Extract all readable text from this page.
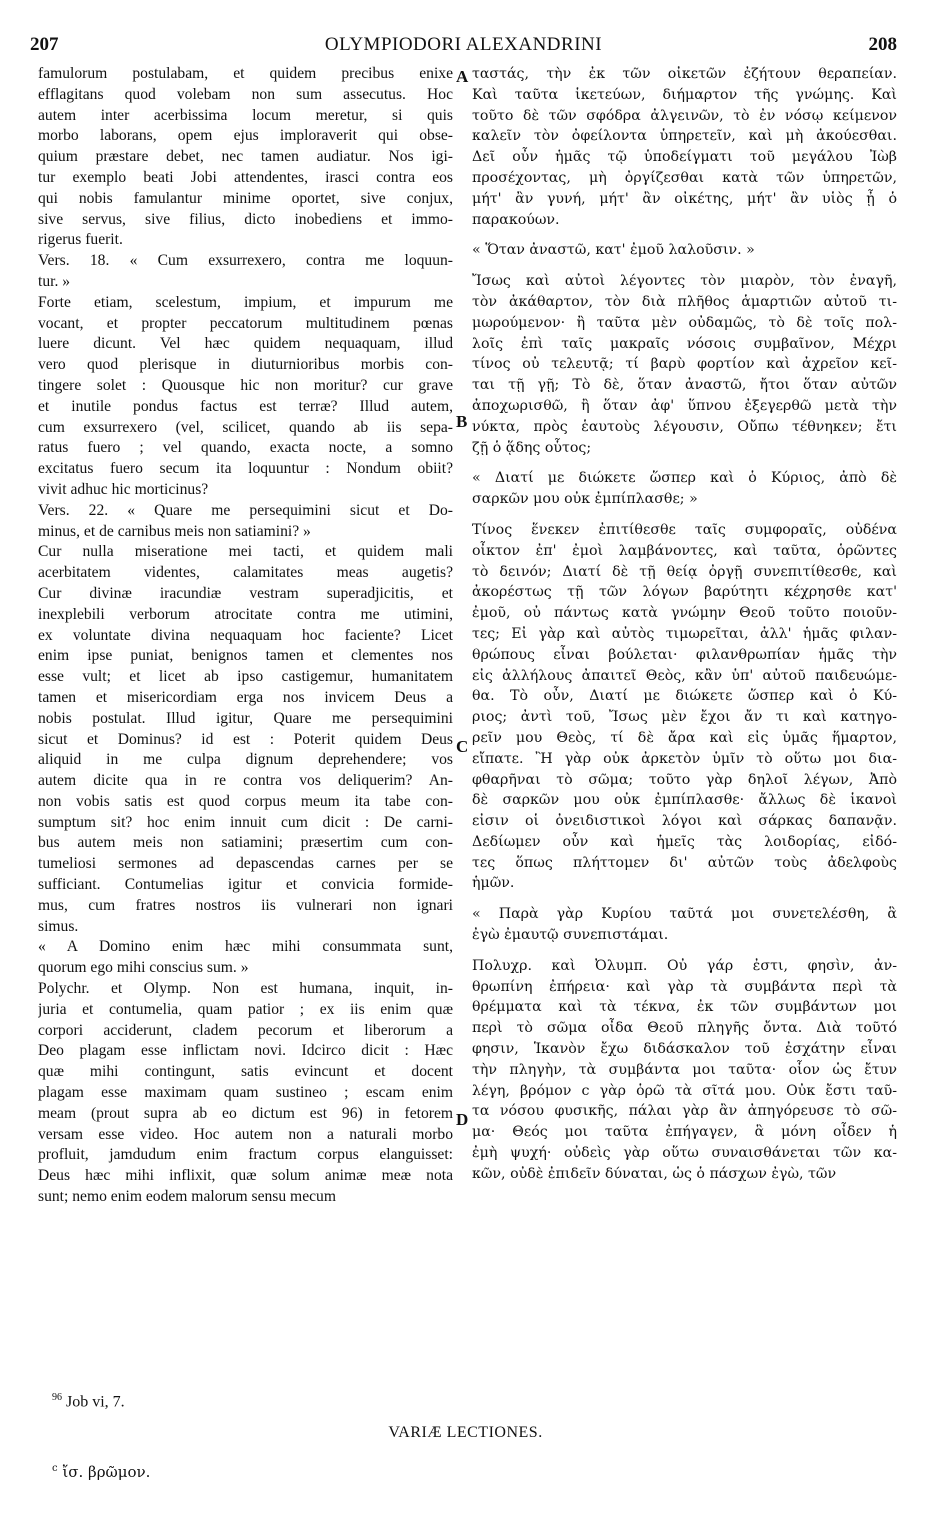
207	OLYMPIODORI ALEXANDRINI	208
famulorum postulabam, et quidem precibus enixe
efflagitans quod volebam non sum assecutus. Hoc
autem inter acerbissima locum meretur, si quis
morbo laborans, opem ejus imploraverit qui obse-
quium præstare debet, nec tamen audiatur. Nos igi-
tur exemplo beati Jobi attendentes, irasci contra eos
qui nobis famulantur minime oportet, sive conjux,
sive servus, sive filius, dicto inobediens et immo-
rigerus fuerit.
Vers. 18. « Cum exsurrexero, contra me loquun-
tur. »
Forte etiam, scelestum, impium, et impurum me
vocant, et propter peccatorum multitudinem pœnas
luere dicunt. Vel hæc quidem nequaquam, illud
vero quod plerisque in diuturnioribus morbis con-
tingere solet : Quousque hic non moritur? cur grave
et inutile pondus factus est terræ? Illud autem,
cum exsurrexero (vel, scilicet, quando ab iis sepa-
ratus fuero ; vel quando, exacta nocte, a somno
excitatus fuero secum ita loquuntur : Nondum obiit?
vivit adhuc hic morticinus?
Vers. 22. « Quare me persequimini sicut et Do-
minus, et de carnibus meis non satiamini? »
Cur nulla miseratione mei tacti, et quidem mali
acerbitatem videntes, calamitates meas augetis?
Cur divinæ iracundiæ vestram superadjicitis, et
inexplebili verborum atrocitate contra me utimini,
ex voluntate divina nequaquam hoc faciente? Licet
enim ipse puniat, benignos tamen et clementes nos
esse vult; et licet ab ipso castigemur, humanitatem
tamen et misericordiam erga nos invicem Deus a
nobis postulat. Illud igitur, Quare me persequimini
sicut et Dominus? id est : Poterit quidem Deus
aliquid in me culpa dignum deprehendere; vos
autem dicite qua in re contra vos deliquerim? An-
non vobis satis est quod corpus meum ita tabe con-
sumptum sit? hoc enim innuit cum dicit : De carni-
bus autem meis non satiamini; præsertim cum con-
tumeliosi sermones ad depascendas carnes per se
sufficiant. Contumelias igitur et convicia formide-
mus, cum fratres nostros iis vulnerari non ignari
simus.
« A Domino enim hæc mihi consummata sunt,
quorum ego mihi conscius sum. »
Polychr. et Olymp. Non est humana, inquit, in-
juria et contumelia, quam patior ; ex iis enim quæ
corpori acciderunt, cladem pecorum et liberorum a
Deo plagam esse inflictam novi. Idcirco dicit : Hæc
quæ mihi contingunt, satis evincunt et docent
plagam esse maximam quam sustineo ; escam enim
meam (prout supra ab eo dictum est 96) in fetorem
versam esse video. Hoc autem non a naturali morbo
profluit, jamdudum enim fractum corpus elanguisset:
Deus hæc mihi inflixit, quæ solum animæ meæ nota
sunt; nemo enim eodem malorum sensu mecum
ταστάς, τὴν ἐκ τῶν οἰκετῶν ἐζήτουν θεραπείαν.
Καὶ ταῦτα ἱκετεύων, διήμαρτον τῆς γνώμης. Καὶ
τοῦτο δὲ τῶν σφόδρα ἀλγεινῶν, τὸ ἐν νόσῳ κείμενον
καλεῖν τὸν ὀφείλοντα ὑπηρετεῖν, καὶ μὴ ἀκούεσθαι.
Δεῖ οὖν ἡμᾶς τῷ ὑποδείγματι τοῦ μεγάλου Ἰὼβ
προσέχοντας, μὴ ὀργίζεσθαι κατὰ τῶν ὑπηρετῶν,
μήτ' ἂν γυνή, μήτ' ἂν οἰκέτης, μήτ' ἂν υἱὸς ᾖ ὁ
παρακούων.
« Ὅταν ἀναστῶ, κατ' ἐμοῦ λαλοῦσιν. »
Ἴσως καὶ αὐτοὶ λέγοντες τὸν μιαρὸν, τὸν ἐναγῆ,
τὸν ἀκάθαρτον, τὸν διὰ πλῆθος ἁμαρτιῶν αὐτοῦ τι-
μωρούμενον· ἢ ταῦτα μὲν οὐδαμῶς, τὸ δὲ τοῖς πολ-
λοῖς ἐπὶ ταῖς μακραῖς νόσοις συμβαῖνον, Μέχρι
τίνος οὐ τελευτᾷ; τί βαρὺ φορτίον καὶ ἀχρεῖον κεῖ-
ται τῇ γῇ; Τὸ δὲ, ὅταν ἀναστῶ, ἤτοι ὅταν αὐτῶν
ἀποχωρισθῶ, ἢ ὅταν ἀφ' ὕπνου ἐξεγερθῶ μετὰ τὴν
νύκτα, πρὸς ἑαυτοὺς λέγουσιν, Οὔπω τέθνηκεν; ἔτι
ζῇ ὁ ᾅδης οὗτος;
« Διατί με διώκετε ὥσπερ καὶ ὁ Κύριος, ἀπὸ δὲ
σαρκῶν μου οὐκ ἐμπίπλασθε; »
Τίνος ἕνεκεν ἐπιτίθεσθε ταῖς συμφοραῖς, οὐδένα
οἶκτον ἐπ' ἐμοὶ λαμβάνοντες, καὶ ταῦτα, ὁρῶντες
τὸ δεινόν; Διατί δὲ τῇ θείᾳ ὀργῇ συνεπιτίθεσθε, καὶ
ἀκορέστως τῇ τῶν λόγων βαρύτητι κέχρησθε κατ'
ἐμοῦ, οὐ πάντως κατὰ γνώμην Θεοῦ τοῦτο ποιοῦν-
τες; Εἰ γὰρ καὶ αὐτὸς τιμωρεῖται, ἀλλ' ἡμᾶς φιλαν-
θρώπους εἶναι βούλεται· φιλανθρωπίαν ἡμᾶς τὴν
εἰς ἀλλήλους ἀπαιτεῖ Θεὸς, κἂν ὑπ' αὐτοῦ παιδευώμε-
θα. Τὸ οὖν, Διατί με διώκετε ὥσπερ καὶ ὁ Κύ-
ριος; ἀντὶ τοῦ, Ἴσως μὲν ἔχοι ἄν τι καὶ κατηγο-
ρεῖν μου Θεὸς, τί δὲ ἄρα καὶ εἰς ὑμᾶς ἥμαρτον,
εἴπατε. Ἢ γὰρ οὐκ ἀρκετὸν ὑμῖν τὸ οὕτω μοι δια-
φθαρῆναι τὸ σῶμα; τοῦτο γὰρ δηλοῖ λέγων, Ἀπὸ
δὲ σαρκῶν μου οὐκ ἐμπίπλασθε· ἄλλως δὲ ἱκανοὶ
εἰσιν οἱ ὀνειδιστικοὶ λόγοι καὶ σάρκας δαπανᾷν.
Δεδίωμεν οὖν καὶ ἡμεῖς τὰς λοιδορίας, εἰδό-
τες ὅπως πλήττομεν δι' αὐτῶν τοὺς ἀδελφοὺς
ἡμῶν.
« Παρὰ γὰρ Κυρίου ταῦτά μοι συνετελέσθη, ἃ
ἐγὼ ἐμαυτῷ συνεπιστάμαι.
Πολυχρ. καὶ Ὀλυμπ. Οὐ γάρ ἐστι, φησὶν, ἀν-
θρωπίνη ἐπήρεια· καὶ γὰρ τὰ συμβάντα περὶ τὰ
θρέμματα καὶ τὰ τέκνα, ἐκ τῶν συμβάντων μοι
περὶ τὸ σῶμα οἶδα Θεοῦ πληγῆς ὄντα. Διὰ τοῦτό
φησιν, Ἱκανὸν ἔχω διδάσκαλον τοῦ ἐσχάτην εἶναι
τὴν πληγὴν, τὰ συμβάντα μοι ταῦτα· οἷον ὡς ἔτυν
λέγη, βρόμον c γὰρ ὁρῶ τὰ σῖτά μου. Οὐκ ἔστι ταῦ-
τα νόσου φυσικῆς, πάλαι γὰρ ἂν ἀπηγόρευσε τὸ σῶ-
μα· Θεός μοι ταῦτα ἐπήγαγεν, ἃ μόνη οἶδεν ἡ
ἐμὴ ψυχή· οὐδεὶς γὰρ οὕτω συναισθάνεται τῶν κα-
κῶν, οὐδὲ ἐπιδεῖν δύναται, ὡς ὁ πάσχων ἐγὼ, τῶν
A
B
C
D
$^{96}$ Job vi, 7.
VARIÆ LECTIONES.
$^c$ ἴσ. βρῶμον.
